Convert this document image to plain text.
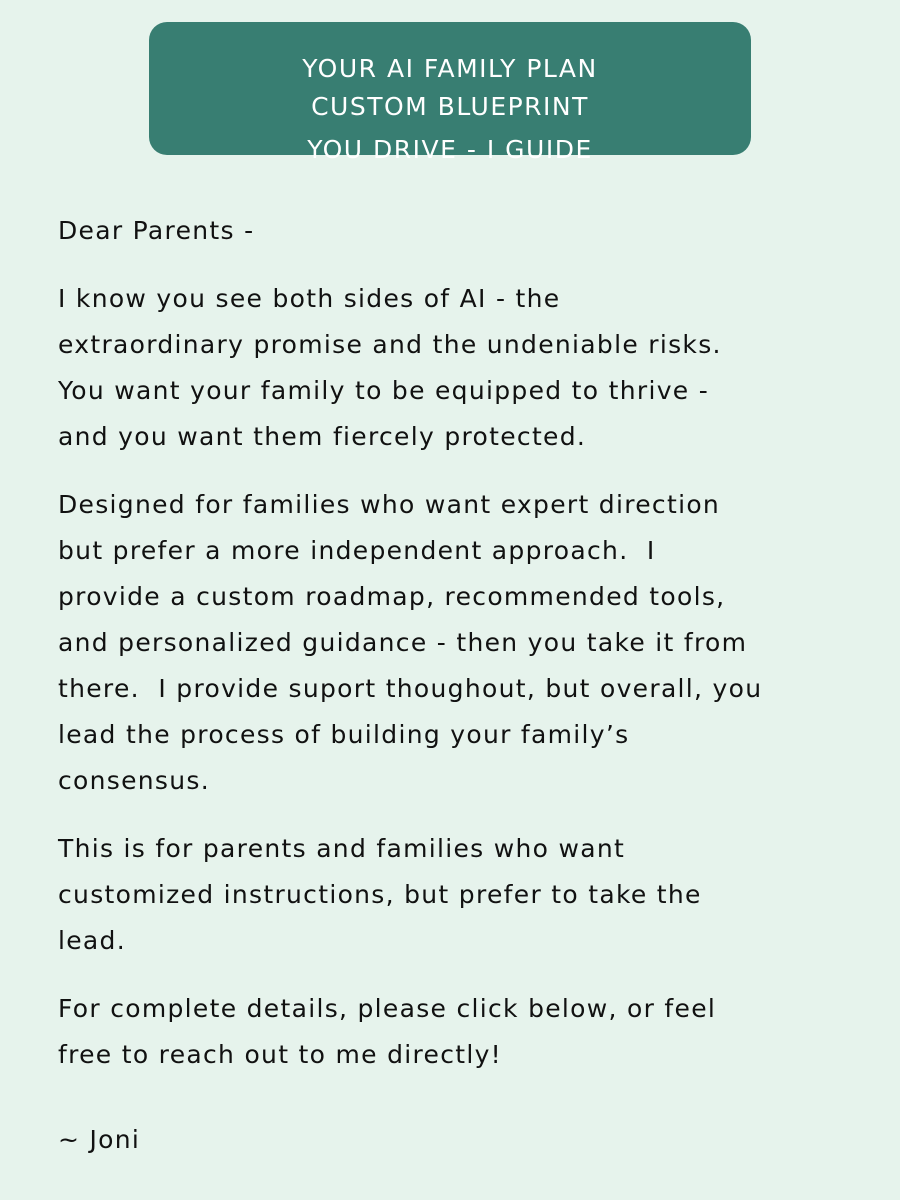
YOUR AI FAMILY PLAN
CUSTOM BLUEPRINT
YOU DRIVE - I GUIDE
Dear Parents -
I know you see both sides of AI - the
extraordinary promise and the undeniable risks.
You want your family to be equipped to thrive -
and you want them fiercely protected.
Designed for families who want expert direction
but prefer a more independent approach.  I
provide a custom roadmap, recommended tools,
and personalized guidance - then you take it from
there.  I provide suport thoughout, but overall, you
lead the process of building your family’s
consensus.
This is for parents and families who want
customized instructions, but prefer to take the
lead.
For complete details, please click below, or feel
free to reach out to me directly!
~ Joni
